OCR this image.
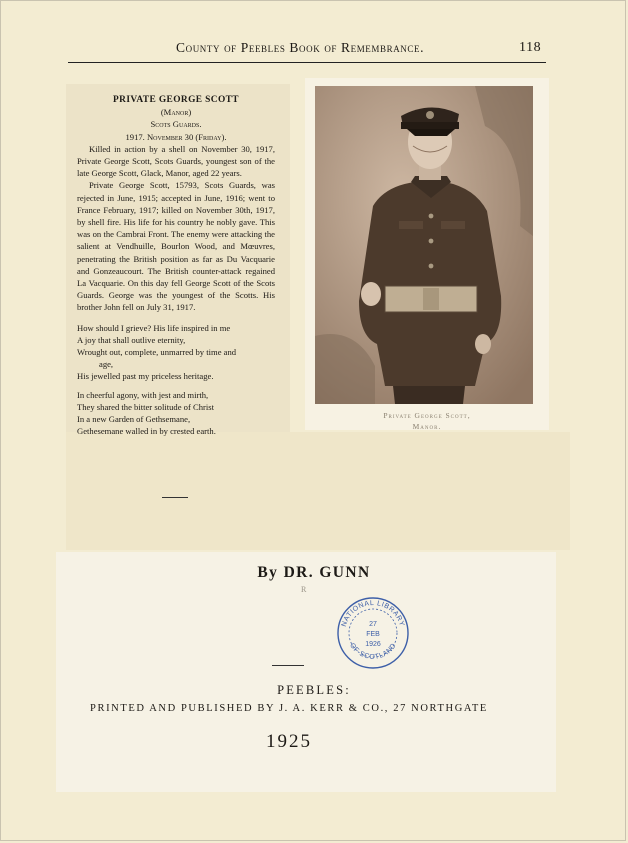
County of Peebles Book of Remembrance.	118
PRIVATE GEORGE SCOTT
(Manor)
Scots Guards.
1917. November 30 (Friday).

Killed in action by a shell on November 30, 1917, Private George Scott, Scots Guards, youngest son of the late George Scott, Glack, Manor, aged 22 years.

Private George Scott, 15793, Scots Guards, was rejected in June, 1915; accepted in June, 1916; went to France February, 1917; killed on November 30th, 1917, by shell fire. His life for his country he nobly gave. This was on the Cambrai Front. The enemy were attacking the salient at Vendhuille, Bourlon Wood, and Mœuvres, penetrating the British position as far as Du Vacquarie and Gonzeaucourt. The British counter-attack regained La Vacquarie. On this day fell George Scott of the Scots Guards. George was the youngest of the Scotts. His brother John fell on July 31, 1917.

How should I grieve? His life inspired in me
A joy that shall outlive eternity,
Wrought out, complete, unmarred by time and
age,
His jewelled past my priceless heritage.
In cheerful agony, with jest and mirth,
They shared the bitter solitude of Christ
In a new Garden of Gethsemane,
Gethesemane walled in by crested earth.
Private George Scott,
Manor.
By DR. GUNN
R
NATIONAL LIBRARY
OF SCOTLAND
27
FEB
1926
PEEBLES:
PRINTED AND PUBLISHED BY J. A. KERR & CO., 27 NORTHGATE
1925
